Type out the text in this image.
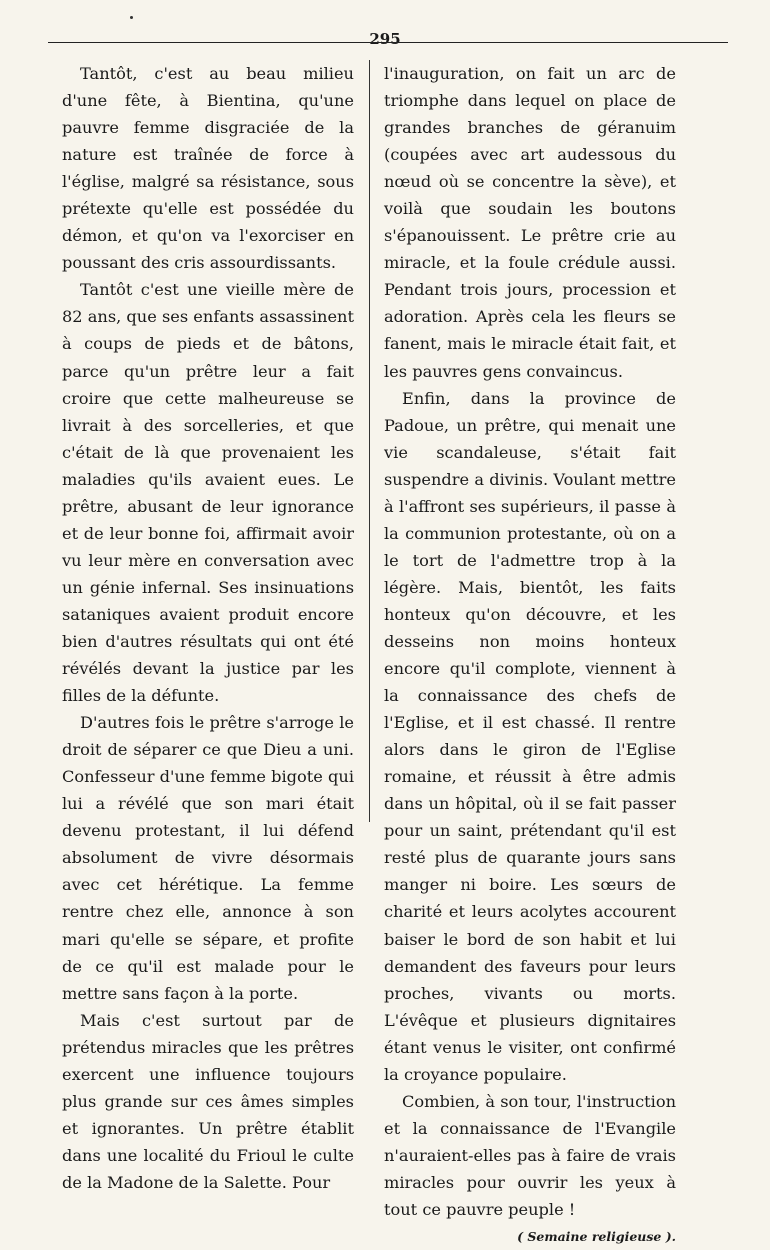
295

Tantôt, c'est au beau milieu d'une fête, à Bientina, qu'une pauvre femme disgraciée de la nature est traînée de force à l'église, malgré sa résistance, sous prétexte qu'elle est possédée du démon, et qu'on va l'exorciser en poussant des cris assourdissants.

Tantôt c'est une vieille mère de 82 ans, que ses enfants assassinent à coups de pieds et de bâtons, parce qu'un prêtre leur a fait croire que cette malheureuse se livrait à des sorcelleries, et que c'était de là que provenaient les maladies qu'ils avaient eues. Le prêtre, abusant de leur ignorance et de leur bonne foi, affirmait avoir vu leur mère en conversation avec un génie infernal. Ses insinuations sataniques avaient produit encore bien d'autres résultats qui ont été révélés devant la justice par les filles de la défunte.

D'autres fois le prêtre s'arroge le droit de séparer ce que Dieu a uni. Confesseur d'une femme bigote qui lui a révélé que son mari était devenu protestant, il lui défend absolument de vivre désormais avec cet hérétique. La femme rentre chez elle, annonce à son mari qu'elle se sépare, et profite de ce qu'il est malade pour le mettre sans façon à la porte.

Mais c'est surtout par de prétendus miracles que les prêtres exercent une influence toujours plus grande sur ces âmes simples et ignorantes. Un prêtre établit dans une localité du Frioul le culte de la Madone de la Salette. Pour

l'inauguration, on fait un arc de triomphe dans lequel on place de grandes branches de géranuim (coupées avec art audessous du nœud où se concentre la sève), et voilà que soudain les boutons s'épanouissent. Le prêtre crie au miracle, et la foule crédule aussi. Pendant trois jours, procession et adoration. Après cela les fleurs se fanent, mais le miracle était fait, et les pauvres gens convaincus.

Enfin, dans la province de Padoue, un prêtre, qui menait une vie scandaleuse, s'était fait suspendre a divinis. Voulant mettre à l'affront ses supérieurs, il passe à la communion protestante, où on a le tort de l'admettre trop à la légère. Mais, bientôt, les faits honteux qu'on découvre, et les desseins non moins honteux encore qu'il complote, viennent à la connaissance des chefs de l'Eglise, et il est chassé. Il rentre alors dans le giron de l'Eglise romaine, et réussit à être admis dans un hôpital, où il se fait passer pour un saint, prétendant qu'il est resté plus de quarante jours sans manger ni boire. Les sœurs de charité et leurs acolytes accourent baiser le bord de son habit et lui demandent des faveurs pour leurs proches, vivants ou morts. L'évêque et plusieurs dignitaires étant venus le visiter, ont confirmé la croyance populaire.

Combien, à son tour, l'instruction et la connaissance de l'Evangile n'auraient-elles pas à faire de vrais miracles pour ouvrir les yeux à tout ce pauvre peuple !

( Semaine religieuse ).
